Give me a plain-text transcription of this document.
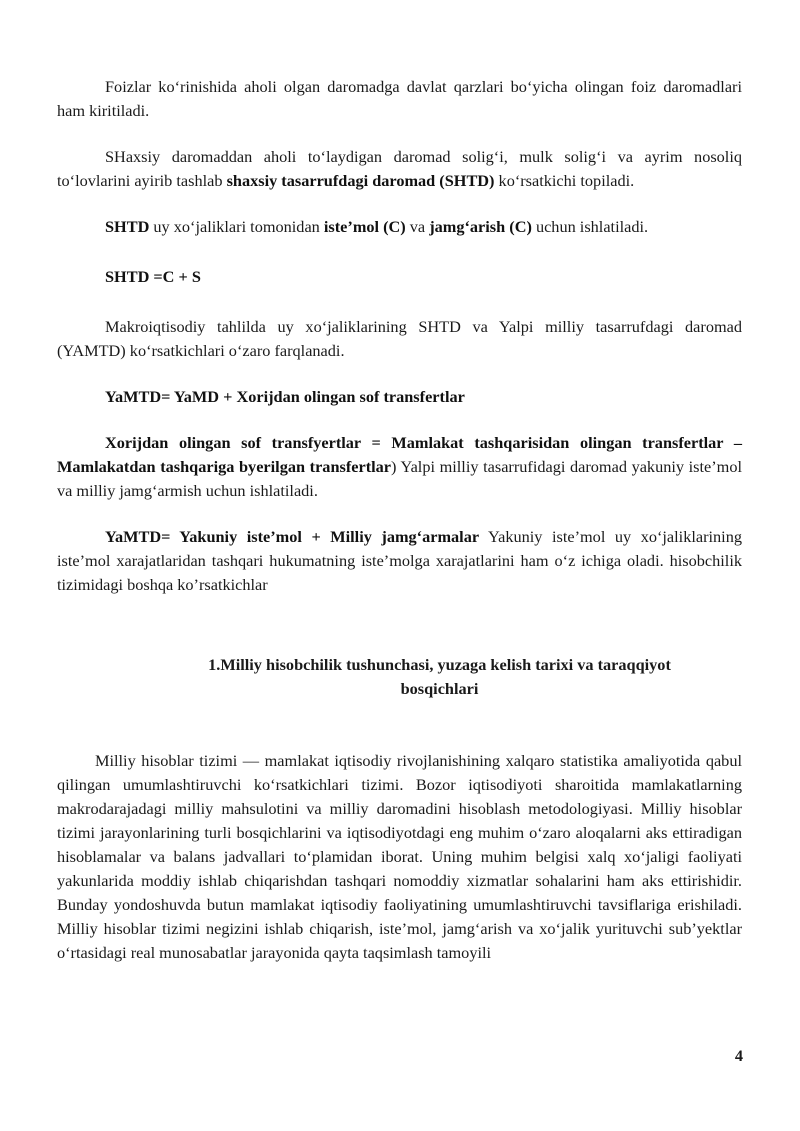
Foizlar ko‘rinishida aholi olgan daromadga davlat qarzlari bo‘yicha olingan foiz daromadlari ham kiritiladi.

SHaxsiy daromaddan aholi to‘laydigan daromad solig‘i, mulk solig‘i va ayrim nosoliq to‘lovlarini ayirib tashlab shaxsiy tasarrufdagi daromad (SHTD) ko‘rsatkichi topiladi.

SHTD uy xo‘jaliklari tomonidan iste’mol (C) va jamg‘arish (C) uchun ishlatiladi.

SHTD =C + S

Makroiqtisodiy tahlilda uy xo‘jaliklarining SHTD va Yalpi milliy tasarrufdagi daromad (YAMTD) ko‘rsatkichlari o‘zaro farqlanadi.

YaMTD= YaMD + Xorijdan olingan sof transfertlar

Xorijdan olingan sof transfyertlar = Mamlakat tashqarisidan olingan transfertlar – Mamlakatdan tashqariga byerilgan transfertlar) Yalpi milliy tasarrufidagi daromad yakuniy iste’mol va milliy jamg‘armish uchun ishlatiladi.

YaMTD= Yakuniy iste’mol + Milliy jamg‘armalar Yakuniy iste’mol uy xo‘jaliklarining iste’mol xarajatlaridan tashqari hukumatning iste’molga xarajatlarini ham o‘z ichiga oladi. hisobchilik tizimidagi boshqa ko’rsatkichlar

1.Milliy hisobchilik tushunchasi, yuzaga kelish tarixi va taraqqiyot bosqichlari

Milliy hisoblar tizimi — mamlakat iqtisodiy rivojlanishining xalqaro statistika amaliyotida qabul qilingan umumlashtiruvchi ko‘rsatkichlari tizimi. Bozor iqtisodiyoti sharoitida mamlakatlarning makrodarajadagi milliy mahsulotini va milliy daromadini hisoblash metodologiyasi. Milliy hisoblar tizimi jarayonlarining turli bosqichlarini va iqtisodiyotdagi eng muhim o‘zaro aloqalarni aks ettiradigan hisoblamalar va balans jadvallari to‘plamidan iborat. Uning muhim belgisi xalq xo‘jaligi faoliyati yakunlarida moddiy ishlab chiqarishdan tashqari nomoddiy xizmatlar sohalarini ham aks ettirishidir. Bunday yondoshuvda butun mamlakat iqtisodiy faoliyatining umumlashtiruvchi tavsiflariga erishiladi. Milliy hisoblar tizimi negizini ishlab chiqarish, iste’mol, jamg‘arish va xo‘jalik yurituvchi sub’yektlar o‘rtasidagi real munosabatlar jarayonida qayta taqsimlash tamoyili

4
